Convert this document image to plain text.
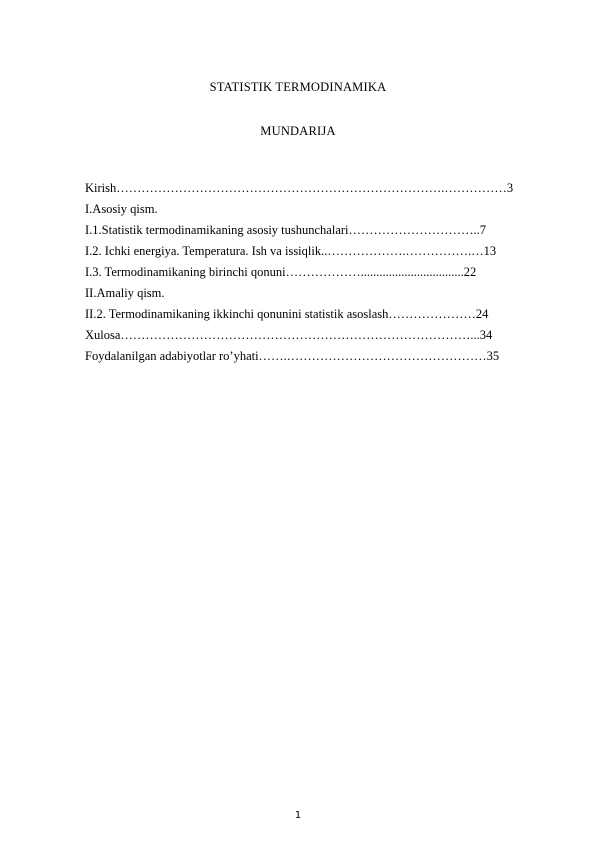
STATISTIK TERMODINAMIKA
MUNDARIJA
Kirish…………………………………………………………………….……………3
I.Asosiy qism.
I.1.Statistik termodinamikaning asosiy tushunchalari…………………………..7
I.2. Ichki energiya. Temperatura. Ish va issiqlik..……………….…………….…13
I.3. Termodinamikaning birinchi qonuni……………….................................22
II.Amaliy qism.
II.2. Termodinamikaning ikkinchi qonunini statistik asoslash…………………24
Xulosa…………………………………………………………………………...34
Foydalanilgan adabiyotlar ro’yhati…….…………………………………………35
1
